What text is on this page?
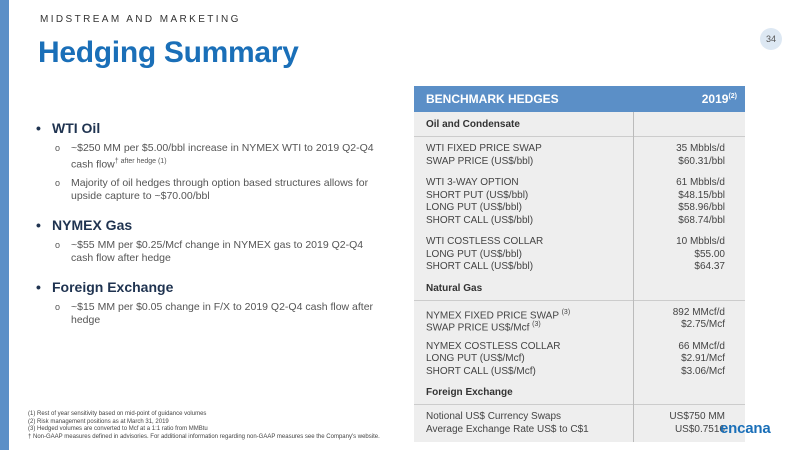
MIDSTREAM AND MARKETING
Hedging Summary	34
• WTI Oil
o ~$250 MM per $5.00/bbl increase in NYMEX WTI to 2019 Q2-Q4 cash flow$^{\dagger after hedge (1)}$
o Majority of oil hedges through option based structures allows for upside capture to ~$70.00/bbl
• NYMEX Gas
o ~$55 MM per $0.25/Mcf change in NYMEX gas to 2019 Q2-Q4 cash flow after hedge
• Foreign Exchange
o ~$15 MM per $0.05 change in F/X to 2019 Q2-Q4 cash flow after hedge
BENCHMARK HEDGES	2019$^{(2)}$
Oil and Condensate
WTI FIXED PRICE SWAP	35 Mbbls/d
SWAP PRICE (US$/bbl)	$60.31/bbl
WTI 3-WAY OPTION	61 Mbbls/d
SHORT PUT (US$/bbl)	$48.15/bbl
LONG PUT (US$/bbl)	$58.96/bbl
SHORT CALL (US$/bbl)	$68.74/bbl
WTI COSTLESS COLLAR	10 Mbbls/d
LONG PUT (US$/bbl)	$55.00
SHORT CALL (US$/bbl)	$64.37
Natural Gas
NYMEX FIXED PRICE SWAP $^{(3)}$	892 MMcf/d
SWAP PRICE US$/Mcf $^{(3)}$	$2.75/Mcf
NYMEX COSTLESS COLLAR	66 MMcf/d
LONG PUT (US$/Mcf)	$2.91/Mcf
SHORT CALL (US$/Mcf)	$3.06/Mcf
Foreign Exchange
Notional US$ Currency Swaps	US$750 MM
Average Exchange Rate US$ to C$1	US$0.7516
(1) Rest of year sensitivity based on mid-point of guidance volumes
(2) Risk management positions as at March 31, 2019
(3) Hedged volumes are converted to Mcf at a 1:1 ratio from MMBtu
† Non-GAAP measures defined in advisories. For additional information regarding non-GAAP measures see the Company's website.	encana
